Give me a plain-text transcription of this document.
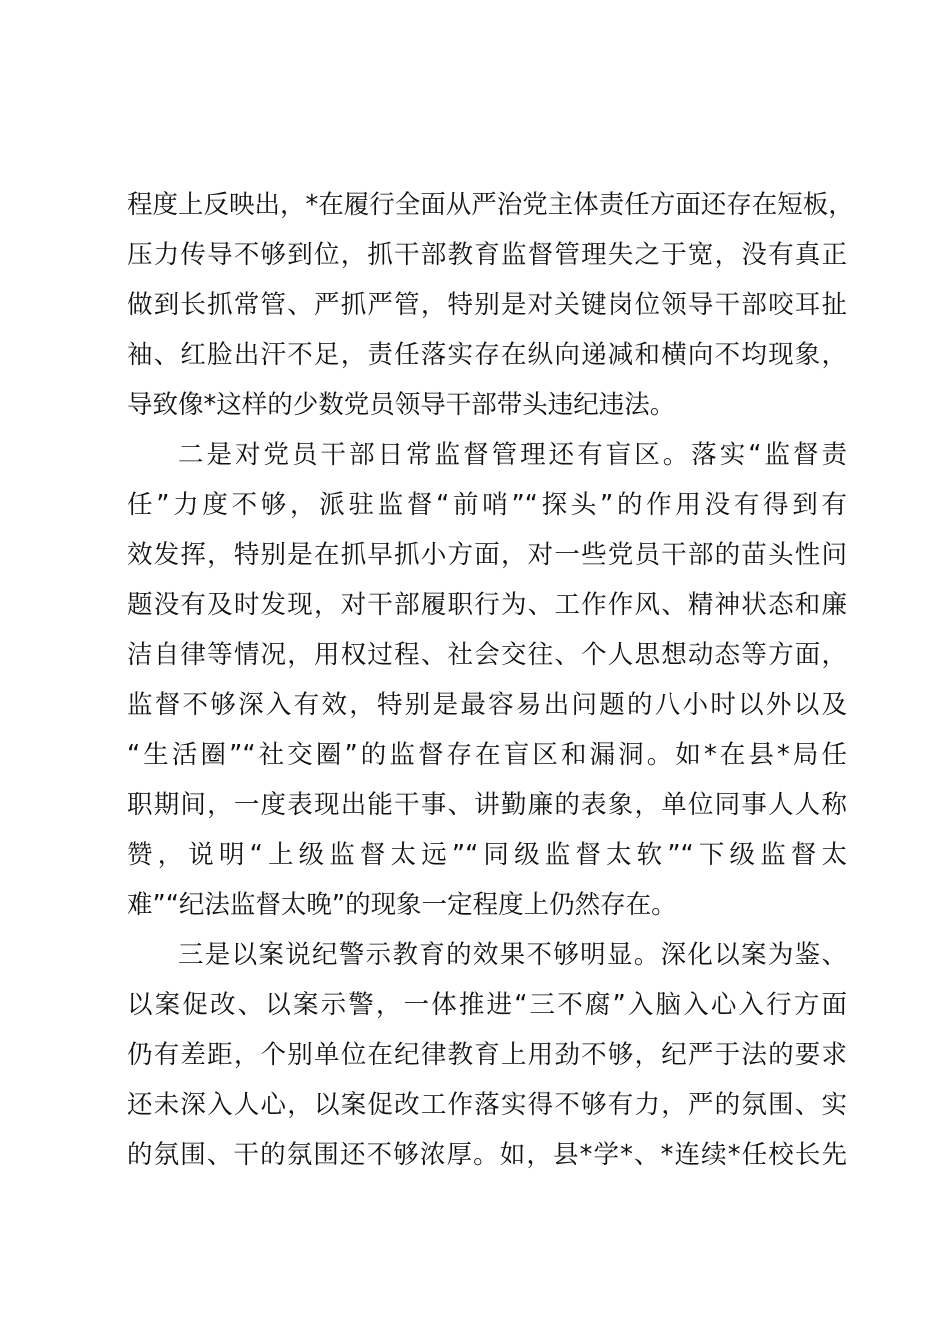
程度上反映出，*在履行全面从严治党主体责任方面还存在短板，
压力传导不够到位，抓干部教育监督管理失之于宽，没有真正
做到长抓常管、严抓严管，特别是对关键岗位领导干部咬耳扯
袖、红脸出汗不足，责任落实存在纵向递减和横向不均现象，
导致像*这样的少数党员领导干部带头违纪违法。
二是对党员干部日常监督管理还有盲区。落实“监督责
任”力度不够，派驻监督“前哨”“探头”的作用没有得到有
效发挥，特别是在抓早抓小方面，对一些党员干部的苗头性问
题没有及时发现，对干部履职行为、工作作风、精神状态和廉
洁自律等情况，用权过程、社会交往、个人思想动态等方面，
监督不够深入有效，特别是最容易出问题的八小时以外以及
“生活圈”“社交圈”的监督存在盲区和漏洞。如*在县*局任
职期间，一度表现出能干事、讲勤廉的表象，单位同事人人称
赞，说明“上级监督太远”“同级监督太软”“下级监督太
难”“纪法监督太晚”的现象一定程度上仍然存在。
三是以案说纪警示教育的效果不够明显。深化以案为鉴、
以案促改、以案示警，一体推进“三不腐”入脑入心入行方面
仍有差距，个别单位在纪律教育上用劲不够，纪严于法的要求
还未深入人心，以案促改工作落实得不够有力，严的氛围、实
的氛围、干的氛围还不够浓厚。如，县*学*、*连续*任校长先
